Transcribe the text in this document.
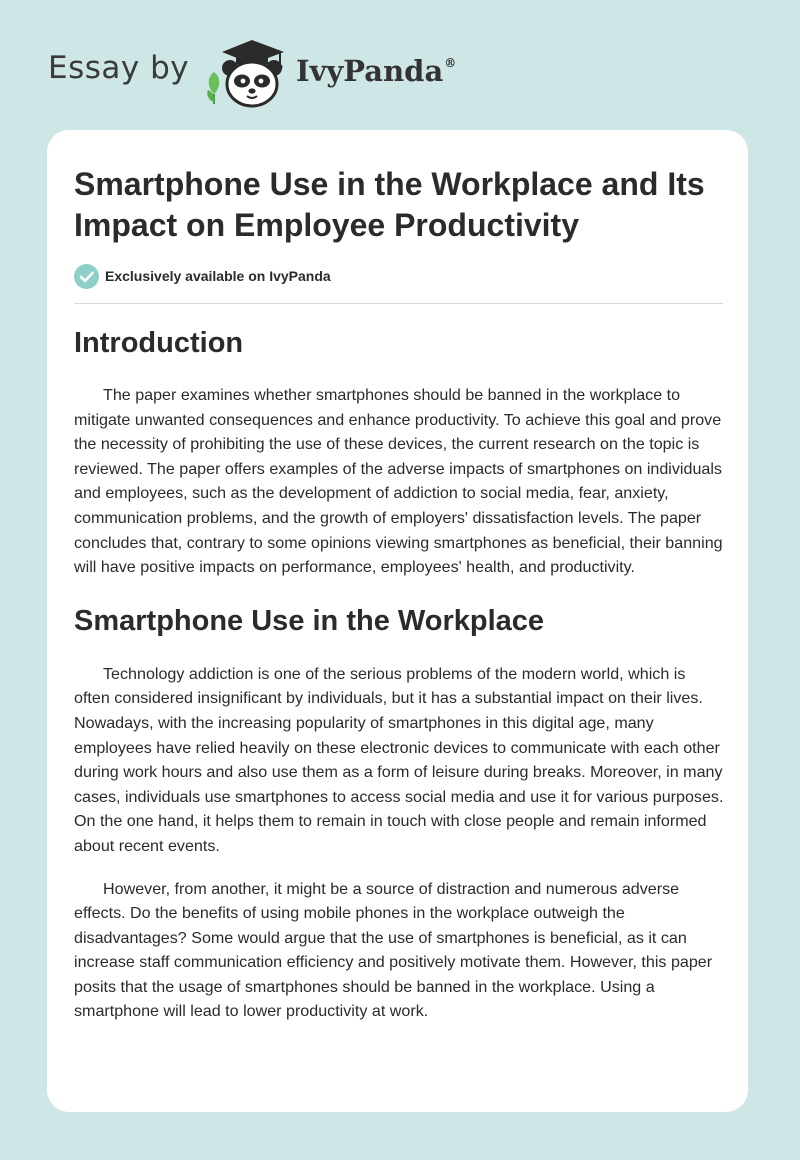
Essay by	IvyPanda®
Smartphone Use in the Workplace and Its Impact on Employee Productivity
Exclusively available on IvyPanda
Introduction

The paper examines whether smartphones should be banned in the workplace to mitigate unwanted consequences and enhance productivity. To achieve this goal and prove the necessity of prohibiting the use of these devices, the current research on the topic is reviewed. The paper offers examples of the adverse impacts of smartphones on individuals and employees, such as the development of addiction to social media, fear, anxiety, communication problems, and the growth of employers' dissatisfaction levels. The paper concludes that, contrary to some opinions viewing smartphones as beneficial, their banning will have positive impacts on performance, employees' health, and productivity.

Smartphone Use in the Workplace

Technology addiction is one of the serious problems of the modern world, which is often considered insignificant by individuals, but it has a substantial impact on their lives. Nowadays, with the increasing popularity of smartphones in this digital age, many employees have relied heavily on these electronic devices to communicate with each other during work hours and also use them as a form of leisure during breaks. Moreover, in many cases, individuals use smartphones to access social media and use it for various purposes. On the one hand, it helps them to remain in touch with close people and remain informed about recent events.

However, from another, it might be a source of distraction and numerous adverse effects. Do the benefits of using mobile phones in the workplace outweigh the disadvantages? Some would argue that the use of smartphones is beneficial, as it can increase staff communication efficiency and positively motivate them. However, this paper posits that the usage of smartphones should be banned in the workplace. Using a smartphone will lead to lower productivity at work.
